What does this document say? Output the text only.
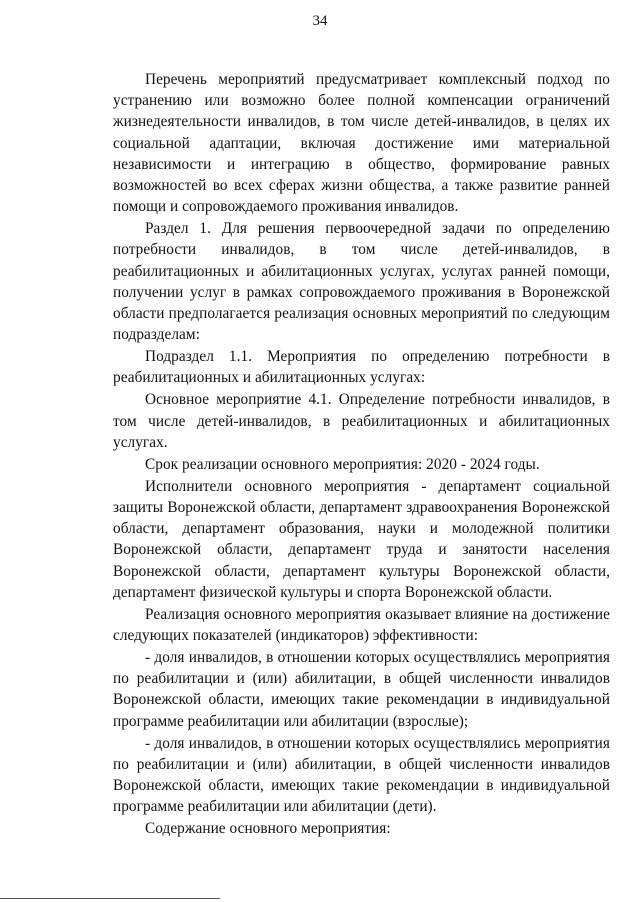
34

Перечень мероприятий предусматривает комплексный подход по устранению или возможно более полной компенсации ограничений жизнедеятельности инвалидов, в том числе детей-инвалидов, в целях их социальной адаптации, включая достижение ими материальной независимости и интеграцию в общество, формирование равных возможностей во всех сферах жизни общества, а также развитие ранней помощи и сопровождаемого проживания инвалидов.

Раздел 1. Для решения первоочередной задачи по определению потребности инвалидов, в том числе детей-инвалидов, в реабилитационных и абилитационных услугах, услугах ранней помощи, получении услуг в рамках сопровождаемого проживания в Воронежской области предполагается реализация основных мероприятий по следующим подразделам:

Подраздел 1.1. Мероприятия по определению потребности в реабилитационных и абилитационных услугах:

Основное мероприятие 4.1. Определение потребности инвалидов, в том числе детей-инвалидов, в реабилитационных и абилитационных услугах.

Срок реализации основного мероприятия: 2020 - 2024 годы.

Исполнители основного мероприятия - департамент социальной защиты Воронежской области, департамент здравоохранения Воронежской области, департамент образования, науки и молодежной политики Воронежской области, департамент труда и занятости населения Воронежской области, департамент культуры Воронежской области, департамент физической культуры и спорта Воронежской области.

Реализация основного мероприятия оказывает влияние на достижение следующих показателей (индикаторов) эффективности:

- доля инвалидов, в отношении которых осуществлялись мероприятия по реабилитации и (или) абилитации, в общей численности инвалидов Воронежской области, имеющих такие рекомендации в индивидуальной программе реабилитации или абилитации (взрослые);

- доля инвалидов, в отношении которых осуществлялись мероприятия по реабилитации и (или) абилитации, в общей численности инвалидов Воронежской области, имеющих такие рекомендации в индивидуальной программе реабилитации или абилитации (дети).

Содержание основного мероприятия:
